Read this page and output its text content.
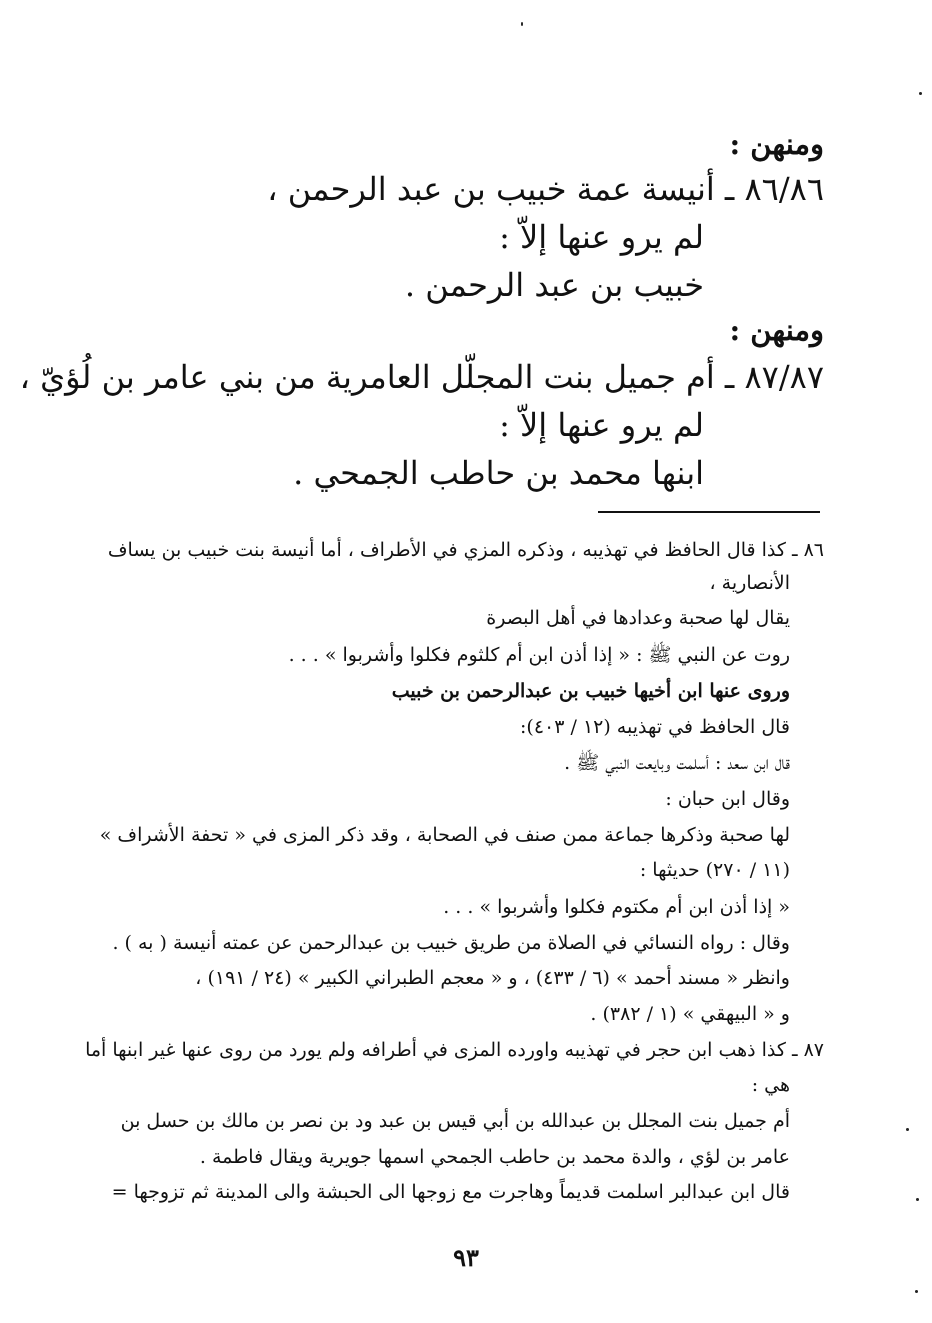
ومنهن :
٨٦/٨٦ ـ أنيسة عمة خبيب بن عبد الرحمن ،
لم يرو عنها إلاّ :
خبيب بن عبد الرحمن .
ومنهن :
٨٧/٨٧ ـ أم جميل بنت المجلّل العامرية من بني عامر بن لُؤيّ ،
لم يرو عنها إلاّ :
ابنها محمد بن حاطب الجمحي .
٨٦ ـ كذا قال الحافظ في تهذيبه ، وذكره المزي في الأطراف ، أما أنيسة بنت خبيب بن يساف
الأنصارية ،
يقال لها صحبة وعدادها في أهل البصرة
روت عن النبي ﷺ : « إذا أذن ابن أم كلثوم فكلوا وأشربوا » . . .
وروى عنها ابن أخيها خبيب بن عبدالرحمن بن خبيب
قال الحافظ في تهذيبه (١٢ / ٤٠٣):
قال ابن سعد : أسلمت وبايعت النبي ﷺ .
وقال ابن حبان :
لها صحبة وذكرها جماعة ممن صنف في الصحابة ، وقد ذكر المزى في « تحفة الأشراف »
(١١ / ٢٧٠) حديثها :
« إذا أذن ابن أم مكتوم فكلوا وأشربوا » . . .
وقال : رواه النسائي في الصلاة من طريق خبيب بن عبدالرحمن عن عمته أنيسة ( به ) .
وانظر « مسند أحمد » (٦ / ٤٣٣) ، و « معجم الطبراني الكبير » (٢٤ / ١٩١) ،
و « البيهقي » (١ / ٣٨٢) .
٨٧ ـ كذا ذهب ابن حجر في تهذيبه واورده المزى في أطرافه ولم يورد من روى عنها غير ابنها أما
هي :
أم جميل بنت المجلل بن عبدالله بن أبي قيس بن عبد ود بن نصر بن مالك بن حسل بن
عامر بن لؤي ، والدة محمد بن حاطب الجمحي اسمها جويرية ويقال فاطمة .
قال ابن عبدالبر اسلمت قديماً وهاجرت مع زوجها الى الحبشة والى المدينة ثم تزوجها =
٩٣
